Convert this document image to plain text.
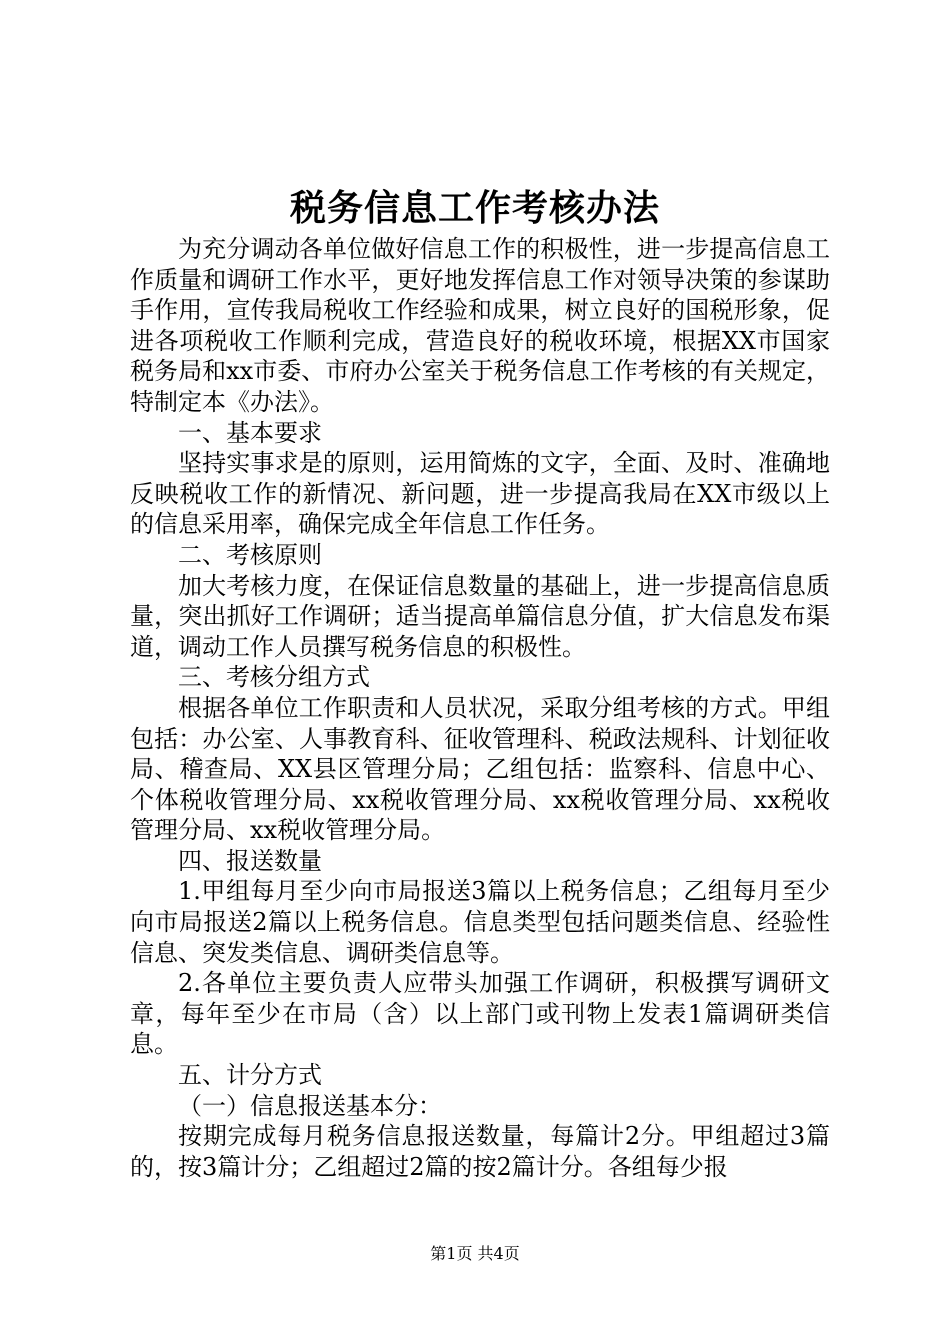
税务信息工作考核办法

为充分调动各单位做好信息工作的积极性，进一步提高信息工作质量和调研工作水平，更好地发挥信息工作对领导决策的参谋助手作用，宣传我局税收工作经验和成果，树立良好的国税形象，促进各项税收工作顺利完成，营造良好的税收环境，根据XX市国家税务局和xx市委、市府办公室关于税务信息工作考核的有关规定，特制定本《办法》。

一、基本要求

坚持实事求是的原则，运用简炼的文字，全面、及时、准确地反映税收工作的新情况、新问题，进一步提高我局在XX市级以上的信息采用率，确保完成全年信息工作任务。

二、考核原则

加大考核力度，在保证信息数量的基础上，进一步提高信息质量，突出抓好工作调研；适当提高单篇信息分值，扩大信息发布渠道，调动工作人员撰写税务信息的积极性。

三、考核分组方式

根据各单位工作职责和人员状况，采取分组考核的方式。甲组包括：办公室、人事教育科、征收管理科、税政法规科、计划征收局、稽查局、XX县区管理分局；乙组包括：监察科、信息中心、个体税收管理分局、xx税收管理分局、xx税收管理分局、xx税收管理分局、xx税收管理分局。

四、报送数量

1.甲组每月至少向市局报送3篇以上税务信息；乙组每月至少向市局报送2篇以上税务信息。信息类型包括问题类信息、经验性信息、突发类信息、调研类信息等。

2.各单位主要负责人应带头加强工作调研，积极撰写调研文章，每年至少在市局（含）以上部门或刊物上发表1篇调研类信息。

五、计分方式

（一）信息报送基本分：

按期完成每月税务信息报送数量，每篇计2分。甲组超过3篇的，按3篇计分；乙组超过2篇的按2篇计分。各组每少报

第1页 共4页
